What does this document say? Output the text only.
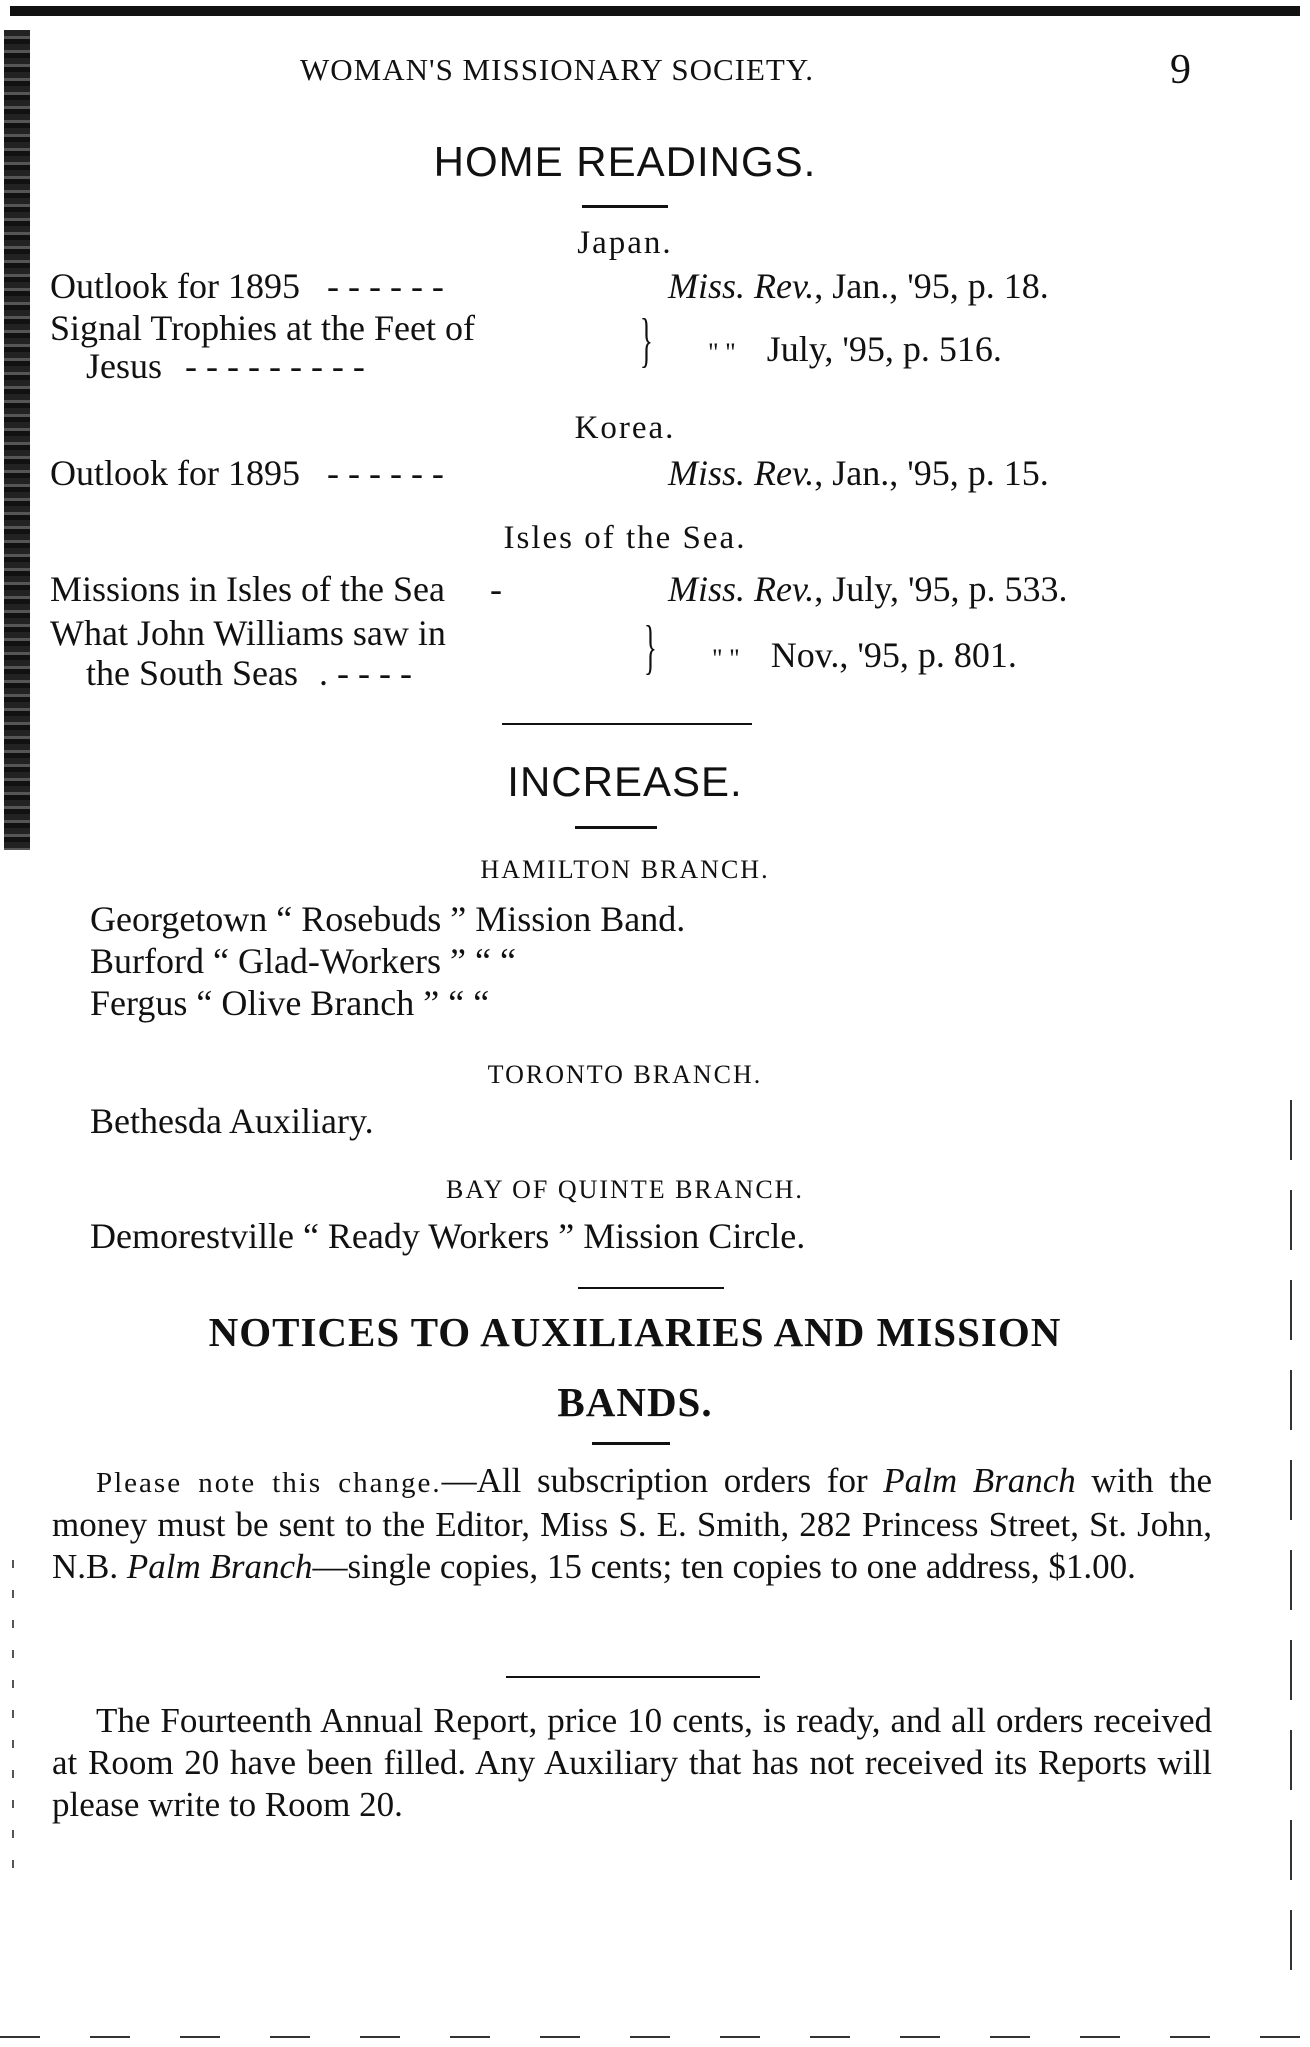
WOMAN'S MISSIONARY SOCIETY.	9
HOME READINGS.
Japan.
Outlook for 1895 - - - - - -	Miss. Rev., Jan., '95, p. 18.
Signal Trophies at the Feet of
Jesus - - - - - - - - -	} " " July, '95, p. 516.
Korea.
Outlook for 1895 - - - - - -	Miss. Rev., Jan., '95, p. 15.
Isles of the Sea.
Missions in Isles of the Sea -	Miss. Rev., July, '95, p. 533.
What John Williams saw in
the South Seas . - - - -	} " " Nov., '95, p. 801.
INCREASE.
HAMILTON BRANCH.
Georgetown “ Rosebuds ” Mission Band.
Burford “ Glad-Workers ” “ “
Fergus “ Olive Branch ” “ “
TORONTO BRANCH.
Bethesda Auxiliary.
BAY OF QUINTE BRANCH.
Demorestville “ Ready Workers ” Mission Circle.
NOTICES TO AUXILIARIES AND MISSION
BANDS.

Please note this change.—All subscription orders for Palm Branch with the money must be sent to the Editor, Miss S. E. Smith, 282 Princess Street, St. John, N.B. Palm Branch—single copies, 15 cents; ten copies to one address, $1.00.

The Fourteenth Annual Report, price 10 cents, is ready, and all orders received at Room 20 have been filled. Any Auxiliary that has not received its Reports will please write to Room 20.
